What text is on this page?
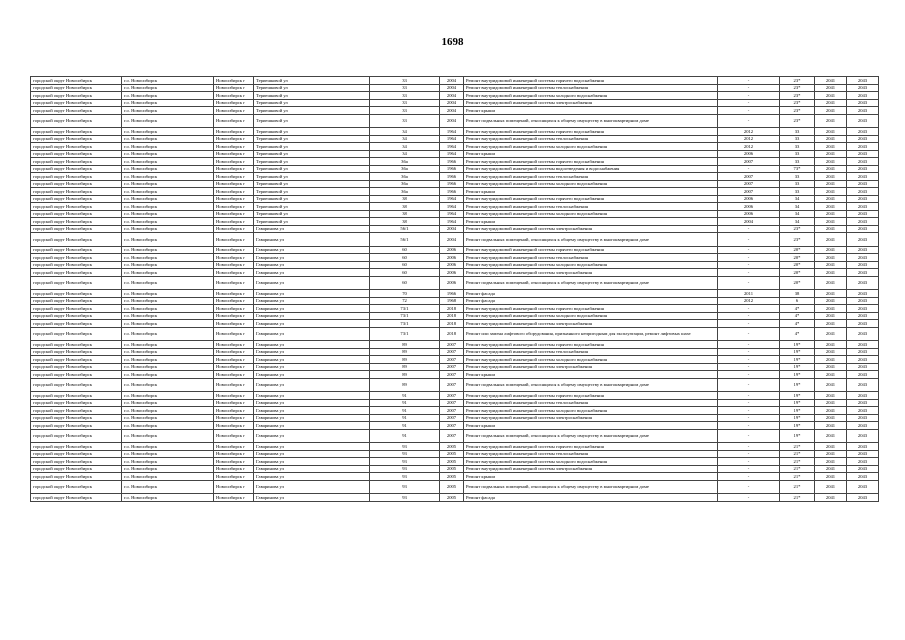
1698
городской округ Новосибирск	г.о. Новосибирск	Новосибирск г	Териешковой ул	33	2004	Ремонт внутридомовой инженерной системы горячего водоснабжения	-	23*	2041	2043
городской округ Новосибирск	г.о. Новосибирск	Новосибирск г	Териешковой ул	33	2004	Ремонт внутридомовой инженерной системы теплоснабжения	-	23*	2041	2043
городской округ Новосибирск	г.о. Новосибирск	Новосибирск г	Териешковой ул	33	2004	Ремонт внутридомовой инженерной системы холодного водоснабжения	-	23*	2041	2043
городской округ Новосибирск	г.о. Новосибирск	Новосибирск г	Териешковой ул	33	2004	Ремонт внутридомовой инженерной системы электроснабжения	-	23*	2041	2043
городской округ Новосибирск	г.о. Новосибирск	Новосибирск г	Териешковой ул	33	2004	Ремонт крыши	-	23*	2041	2043
городской округ Новосибирск	г.о. Новосибирск	Новосибирск г	Териешковой ул	33	2004	Ремонт подвальных помещений, относящихся к общему имуществу в многоквартирном доме	-	23*	2041	2043
городской округ Новосибирск	г.о. Новосибирск	Новосибирск г	Териешковой ул	34	1964	Ремонт внутридомовой инженерной системы горячего водоснабжения	2012	33	2041	2043
городской округ Новосибирск	г.о. Новосибирск	Новосибирск г	Териешковой ул	34	1964	Ремонт внутридомовой инженерной системы теплоснабжения	2012	33	2041	2043
городской округ Новосибирск	г.о. Новосибирск	Новосибирск г	Териешковой ул	34	1964	Ремонт внутридомовой инженерной системы холодного водоснабжения	2012	33	2041	2043
городской округ Новосибирск	г.о. Новосибирск	Новосибирск г	Териешковой ул	34	1964	Ремонт крыши	2006	33	2041	2043
городской округ Новосибирск	г.о. Новосибирск	Новосибирск г	Териешковой ул	36а	1966	Ремонт внутридомовой инженерной системы горячего водоснабжения	2007	33	2041	2043
городской округ Новосибирск	г.о. Новосибирск	Новосибирск г	Териешковой ул	36а	1966	Ремонт внутридомовой инженерной системы водоотведения и водоснабжения	-	73*	2041	2043
городской округ Новосибирск	г.о. Новосибирск	Новосибирск г	Териешковой ул	36а	1966	Ремонт внутридомовой инженерной системы теплоснабжения	2007	33	2041	2043
городской округ Новосибирск	г.о. Новосибирск	Новосибирск г	Териешковой ул	36а	1966	Ремонт внутридомовой инженерной системы холодного водоснабжения	2007	33	2041	2043
городской округ Новосибирск	г.о. Новосибирск	Новосибирск г	Териешковой ул	36а	1966	Ремонт крыши	2007	33	2041	2043
городской округ Новосибирск	г.о. Новосибирск	Новосибирск г	Териешковой ул	38	1964	Ремонт внутридомовой инженерной системы горячего водоснабжения	2006	34	2041	2043
городской округ Новосибирск	г.о. Новосибирск	Новосибирск г	Териешковой ул	38	1964	Ремонт внутридомовой инженерной системы теплоснабжения	2006	34	2041	2043
городской округ Новосибирск	г.о. Новосибирск	Новосибирск г	Териешковой ул	38	1964	Ремонт внутридомовой инженерной системы холодного водоснабжения	2006	34	2041	2043
городской округ Новосибирск	г.о. Новосибирск	Новосибирск г	Териешковой ул	38	1964	Ремонт крыши	2004	34	2041	2043
городской округ Новосибирск	г.о. Новосибирск	Новосибирск г	Гаваринова ул	56/1	2004	Ремонт внутридомовой инженерной системы электроснабжения	-	23*	2041	2043
городской округ Новосибирск	г.о. Новосибирск	Новосибирск г	Гаваринова ул	56/1	2004	Ремонт подвальных помещений, относящихся к общему имуществу в многоквартирном доме	-	23*	2041	2043
городской округ Новосибирск	г.о. Новосибирск	Новосибирск г	Гаваринова ул	60	2006	Ремонт внутридомовой инженерной системы горячего водоснабжения	-	20*	2041	2043
городской округ Новосибирск	г.о. Новосибирск	Новосибирск г	Гаваринова ул	60	2006	Ремонт внутридомовой инженерной системы теплоснабжения	-	20*	2041	2043
городской округ Новосибирск	г.о. Новосибирск	Новосибирск г	Гаваринова ул	60	2006	Ремонт внутридомовой инженерной системы холодного водоснабжения	-	20*	2041	2043
городской округ Новосибирск	г.о. Новосибирск	Новосибирск г	Гаваринова ул	60	2006	Ремонт внутридомовой инженерной системы электроснабжения	-	20*	2041	2043
городской округ Новосибирск	г.о. Новосибирск	Новосибирск г	Гаваринова ул	60	2006	Ремонт подвальных помещений, относящихся к общему имуществу в многоквартирном доме	-	20*	2041	2043
городской округ Новосибирск	г.о. Новосибирск	Новосибирск г	Гаваринова ул	70	1966	Ремонт фасада	2011	38	2041	2043
городской округ Новосибирск	г.о. Новосибирск	Новосибирск г	Гаваринова ул	72	1968	Ремонт фасада	2012	6	2041	2043
городской округ Новосибирск	г.о. Новосибирск	Новосибирск г	Гаваринова ул	73/1	2018	Ремонт внутридомовой инженерной системы горячего водоснабжения	-	4*	2041	2043
городской округ Новосибирск	г.о. Новосибирск	Новосибирск г	Гаваринова ул	73/1	2018	Ремонт внутридомовой инженерной системы холодного водоснабжения	-	4*	2041	2043
городской округ Новосибирск	г.о. Новосибирск	Новосибирск г	Гаваринова ул	73/1	2018	Ремонт внутридомовой инженерной системы электроснабжения	-	4*	2041	2043
городской округ Новосибирск	г.о. Новосибирск	Новосибирск г	Гаваринова ул	73/1	2018	Ремонт или замена лифтового оборудования, признанного непригодным для эксплуатации, ремонт лифтовых шахт	-	4*	2041	2043
городской округ Новосибирск	г.о. Новосибирск	Новосибирск г	Гаваринова ул	89	2007	Ремонт внутридомовой инженерной системы горячего водоснабжения	-	19*	2041	2043
городской округ Новосибирск	г.о. Новосибирск	Новосибирск г	Гаваринова ул	89	2007	Ремонт внутридомовой инженерной системы теплоснабжения	-	19*	2041	2043
городской округ Новосибирск	г.о. Новосибирск	Новосибирск г	Гаваринова ул	89	2007	Ремонт внутридомовой инженерной системы холодного водоснабжения	-	19*	2041	2043
городской округ Новосибирск	г.о. Новосибирск	Новосибирск г	Гаваринова ул	89	2007	Ремонт внутридомовой инженерной системы электроснабжения	-	19*	2041	2043
городской округ Новосибирск	г.о. Новосибирск	Новосибирск г	Гаваринова ул	89	2007	Ремонт крыши	-	19*	2041	2043
городской округ Новосибирск	г.о. Новосибирск	Новосибирск г	Гаваринова ул	89	2007	Ремонт подвальных помещений, относящихся к общему имуществу в многоквартирном доме	-	19*	2041	2043
городской округ Новосибирск	г.о. Новосибирск	Новосибирск г	Гаваринова ул	91	2007	Ремонт внутридомовой инженерной системы горячего водоснабжения	-	19*	2041	2043
городской округ Новосибирск	г.о. Новосибирск	Новосибирск г	Гаваринова ул	91	2007	Ремонт внутридомовой инженерной системы теплоснабжения	-	19*	2041	2043
городской округ Новосибирск	г.о. Новосибирск	Новосибирск г	Гаваринова ул	91	2007	Ремонт внутридомовой инженерной системы холодного водоснабжения	-	19*	2041	2043
городской округ Новосибирск	г.о. Новосибирск	Новосибирск г	Гаваринова ул	91	2007	Ремонт внутридомовой инженерной системы электроснабжения	-	19*	2041	2043
городской округ Новосибирск	г.о. Новосибирск	Новосибирск г	Гаваринова ул	91	2007	Ремонт крыши	-	19*	2041	2043
городской округ Новосибирск	г.о. Новосибирск	Новосибирск г	Гаваринова ул	91	2007	Ремонт подвальных помещений, относящихся к общему имуществу в многоквартирном доме	-	19*	2041	2043
городской округ Новосибирск	г.о. Новосибирск	Новосибирск г	Гаваринова ул	93	2005	Ремонт внутридомовой инженерной системы горячего водоснабжения	-	21*	2041	2043
городской округ Новосибирск	г.о. Новосибирск	Новосибирск г	Гаваринова ул	93	2005	Ремонт внутридомовой инженерной системы теплоснабжения	-	21*	2041	2043
городской округ Новосибирск	г.о. Новосибирск	Новосибирск г	Гаваринова ул	93	2005	Ремонт внутридомовой инженерной системы холодного водоснабжения	-	21*	2041	2043
городской округ Новосибирск	г.о. Новосибирск	Новосибирск г	Гаваринова ул	93	2005	Ремонт внутридомовой инженерной системы электроснабжения	-	21*	2041	2043
городской округ Новосибирск	г.о. Новосибирск	Новосибирск г	Гаваринова ул	93	2005	Ремонт крыши	-	21*	2041	2043
городской округ Новосибирск	г.о. Новосибирск	Новосибирск г	Гаваринова ул	93	2005	Ремонт подвальных помещений, относящихся к общему имуществу в многоквартирном доме	-	21*	2041	2043
городской округ Новосибирск	г.о. Новосибирск	Новосибирск г	Гаваринова ул	93	2005	Ремонт фасада	-	21*	2041	2043
